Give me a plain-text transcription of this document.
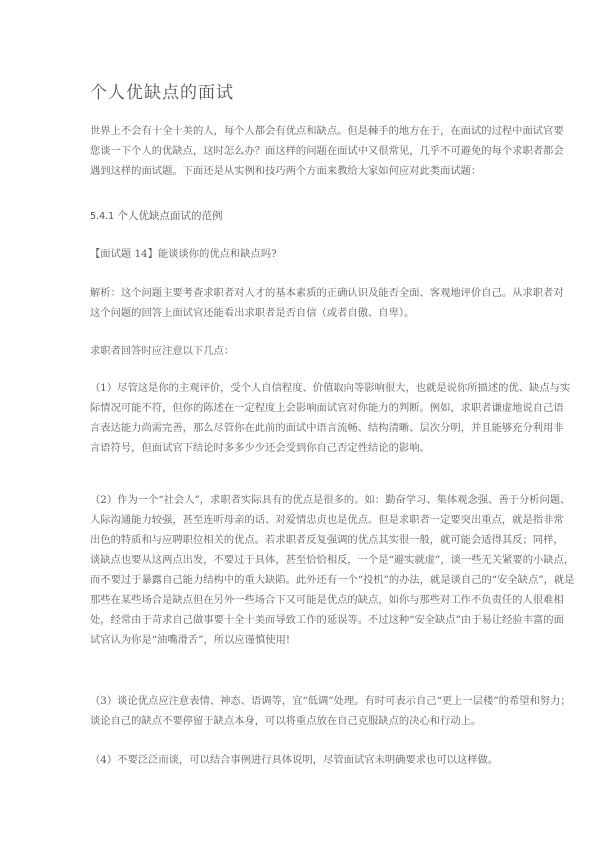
个人优缺点的面试
世界上不会有十全十美的人，每个人都会有优点和缺点。但是棘手的地方在于，在面试的过程中面试官要
您谈一下个人的优缺点，这时怎么办？面这样的问题在面试中又很常见，几乎不可避免的每个求职者都会
遇到这样的面试题。下面还是从实例和技巧两个方面来教给大家如何应对此类面试题：
5.4.1 个人优缺点面试的范例
【面试题 14】能谈谈你的优点和缺点吗?
解析：这个问题主要考查求职者对人才的基本素质的正确认识及能否全面、客观地评价自己。从求职者对
这个问题的回答上面试官还能看出求职者是否自信（或者自傲、自卑）。
求职者回答时应注意以下几点：
（1）尽管这是你的主观评价，受个人自信程度、价值取向等影响很大，也就是说你所描述的优、缺点与实
际情况可能不符，但你的陈述在一定程度上会影响面试官对你能力的判断。例如，求职者谦虚地说自己语
言表达能力尚需完善，那么尽管你在此前的面试中语言流畅、结构清晰、层次分明，并且能够充分利用非
言语符号，但面试官下结论时多多少少还会受到你自己否定性结论的影响。
（2）作为一个“社会人”，求职者实际具有的优点是很多的。如：勤奋学习、集体观念强、善于分析问题、
人际沟通能力较强，甚至连听母亲的话、对爱情忠贞也是优点。但是求职者一定要突出重点，就是指非常
出色的特质和与应聘职位相关的优点。若求职者反复强调的优点其实很一般，就可能会适得其反；同样，
谈缺点也要从这两点出发，不要过于具体，甚至恰恰相反，一个是“避实就虚”，谈一些无关紧要的小缺点，
而不要过于暴露自己能力结构中的重大缺陷。此外还有一个“投机”的办法，就是谈自己的“安全缺点”，就是
那些在某些场合是缺点但在另外一些场合下又可能是优点的缺点，如你与那些对工作不负责任的人很难相
处，经常由于苛求自己做事要十全十美而导致工作的延误等。不过这种“安全缺点”由于易让经验丰富的面
试官认为你是“油嘴滑舌”，所以应谨慎使用!
（3）谈论优点应注意表情、神态、语调等，宜“低调”处理。有时可表示自己“更上一层楼”的希望和努力；
谈论自己的缺点不要停留于缺点本身，可以将重点放在自己克服缺点的决心和行动上。
（4）不要泛泛而谈，可以结合事例进行具体说明，尽管面试官未明确要求也可以这样做。
